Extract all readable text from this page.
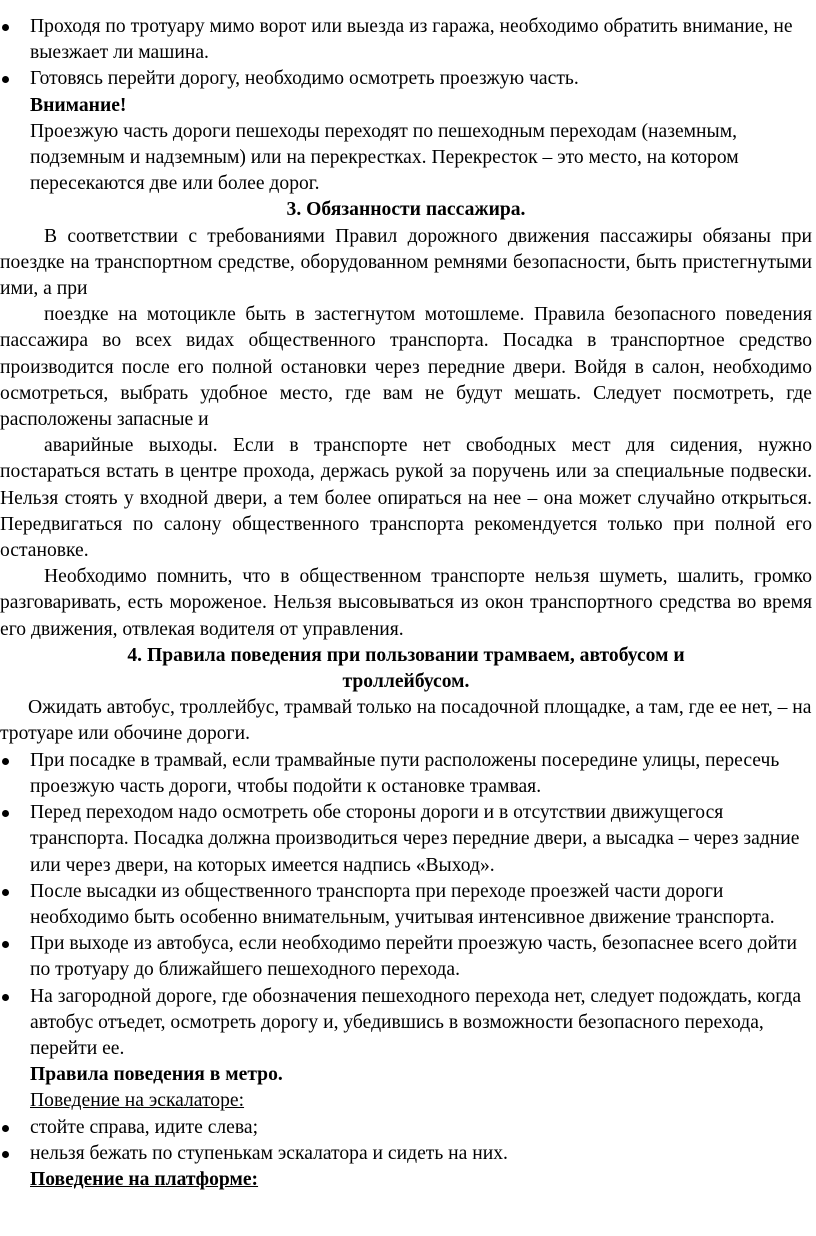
Проходя по тротуару мимо ворот или выезда из гаража, необходимо обратить внимание, не выезжает ли машина.
Готовясь перейти дорогу, необходимо осмотреть проезжую часть.

Внимание!

Проезжую часть дороги пешеходы переходят по пешеходным переходам (наземным, подземным и надземным) или на перекрестках. Перекресток – это место, на котором пересекаются две или более дорог.

3. Обязанности пассажира.

В соответствии с требованиями Правил дорожного движения пассажиры обязаны при поездке на транспортном средстве, оборудованном ремнями безопасности, быть пристегнутыми ими, а при

поездке на мотоцикле быть в застегнутом мотошлеме. Правила безопасного поведения пассажира во всех видах общественного транспорта. Посадка в транспортное средство производится после его полной остановки через передние двери. Войдя в салон, необходимо осмотреться, выбрать удобное место, где вам не будут мешать. Следует посмотреть, где расположены запасные и

аварийные выходы. Если в транспорте нет свободных мест для сидения, нужно постараться встать в центре прохода, держась рукой за поручень или за специальные подвески. Нельзя стоять у входной двери, а тем более опираться на нее – она может случайно открыться. Передвигаться по салону общественного транспорта рекомендуется только при полной его остановке.

Необходимо помнить, что в общественном транспорте нельзя шуметь, шалить, громко разговаривать, есть мороженое. Нельзя высовываться из окон транспортного средства во время его движения, отвлекая водителя от управления.

4. Правила поведения при пользовании трамваем, автобусом и

троллейбусом.

Ожидать автобус, троллейбус, трамвай только на посадочной площадке, а там, где ее нет, – на тротуаре или обочине дороги.

При посадке в трамвай, если трамвайные пути расположены посередине улицы, пересечь проезжую часть дороги, чтобы подойти к остановке трамвая.
Перед переходом надо осмотреть обе стороны дороги и в отсутствии движущегося транспорта. Посадка должна производиться через передние двери, а высадка – через задние или через двери, на которых имеется надпись «Выход».
После высадки из общественного транспорта при переходе проезжей части дороги необходимо быть особенно внимательным, учитывая интенсивное движение транспорта.
При выходе из автобуса, если необходимо перейти проезжую часть, безопаснее всего дойти по тротуару до ближайшего пешеходного перехода.
На загородной дороге, где обозначения пешеходного перехода нет, следует подождать, когда автобус отъедет, осмотреть дорогу и, убедившись в возможности безопасного перехода, перейти ее.

Правила поведения в метро.

Поведение на эскалаторе:

стойте справа, идите слева;
нельзя бежать по ступенькам эскалатора и сидеть на них.

Поведение на платформе:
